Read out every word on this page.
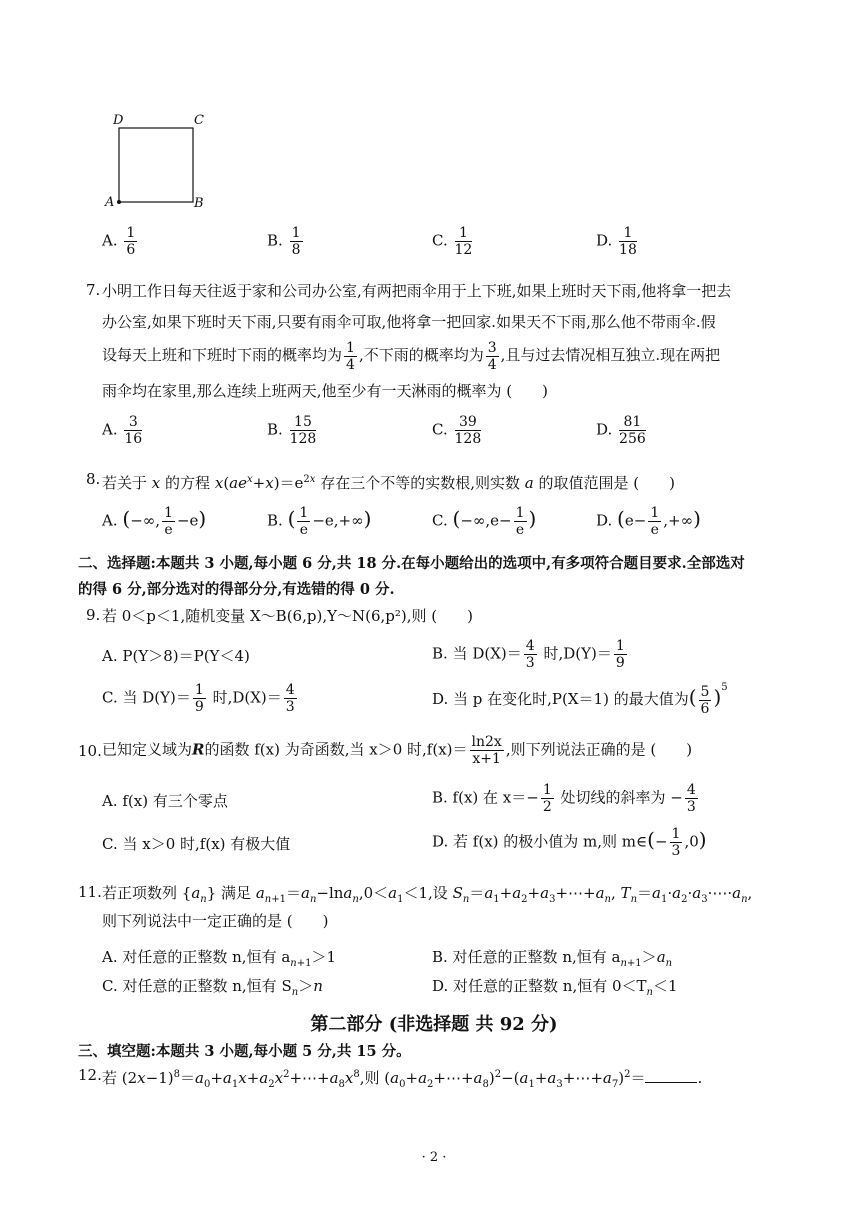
D	C
A	B
A. $\frac{1}{6}$	B. $\frac{1}{8}$	C. $\frac{1}{12}$	D. $\frac{1}{18}$
7. 小明工作日每天往返于家和公司办公室,有两把雨伞用于上下班,如果上班时天下雨,他将拿一把去
办公室,如果下班时天下雨,只要有雨伞可取,他将拿一把回家.如果天不下雨,那么他不带雨伞.假
设每天上班和下班时下雨的概率均为 $\frac{1}{4}$ ,不下雨的概率均为 $\frac{3}{4}$ ,且与过去情况相互独立.现在两把
雨伞均在家里,那么连续上班两天,他至少有一天淋雨的概率为 (　　)
A. $\frac{3}{16}$	B. $\frac{15}{128}$	C. $\frac{39}{128}$	D. $\frac{81}{256}$
8. 若关于 x 的方程 $x(ae^x+x)=e^{2x}$ 存在三个不等的实数根,则实数 a 的取值范围是 (　　)
A. (−∞, $\frac{1}{e} -e$)	B. ( $\frac{1}{e} -e,+\infty$)	C. ($-\infty,e- \frac{1}{e}$ )	D. ($e- \frac{1}{e}$ ,+∞)
二、选择题:本题共 3 小题,每小题 6 分,共 18 分.在每小题给出的选项中,有多项符合题目要求.全部选对
的得 6 分,部分选对的得部分分,有选错的得 0 分.
9. 若 0＜p＜1,随机变量 X～B(6,p),Y～N(6,p²),则 (　　)
A. P(Y＞8)＝P(Y＜4)	B. 当 $D(X)= \frac{4}{3}$ 时$,D(Y)= \frac{1}{9}$
C. 当 $D(Y)= \frac{1}{9}$ 时$,D(X)= \frac{4}{3}$	D. 当 p 在变化时,P(X＝1) 的最大值为( $\frac{5}{6} )^5$
10. 已知定义域为R的函数 f(x) 为奇函数,当 x＞0 时$,f(x)= \frac{\ln 2x}{x+1}$ ,则下列说法正确的是 (　　)
A. f(x) 有三个零点	B. f(x) 在 $x=- \frac{1}{2}$ 处切线的斜率为 − $\frac{4}{3}$
C. 当 x＞0 时,f(x) 有极大值	D. 若 f(x) 的极小值为 m,则 m∈(− $\frac{1}{3} ,0$)
11. 若正项数列 $\{a_n\}$ 满足 $a_{n+1}=a_n-\ln a_n,0<a_1<1$,设 $S_n=a_1+a_2+a_3+\cdots+a_n$, $T_n=a_1\cdot a_2\cdot a_3\cdot\cdots\cdot a_n$,
则下列说法中一定正确的是 (　　)
A. 对任意的正整数 n,恒有 $a_{n+1}>1$	B. 对任意的正整数 n,恒有 $a_{n+1}>a_n$
C. 对任意的正整数 n,恒有 $S_n>n$	D. 对任意的正整数 n,恒有 $0<T_n<1$
第二部分 (非选择题 共 92 分)
三、填空题:本题共 3 小题,每小题 5 分,共 15 分。
12. 若 $(2x-1)^8=a_0+a_1x+a_2x^2+\cdots+a_8x^8$,则 $(a_0+a_2+\cdots+a_8)^2-(a_1+a_3+\cdots+a_7)^2=$	.
· 2 ·
